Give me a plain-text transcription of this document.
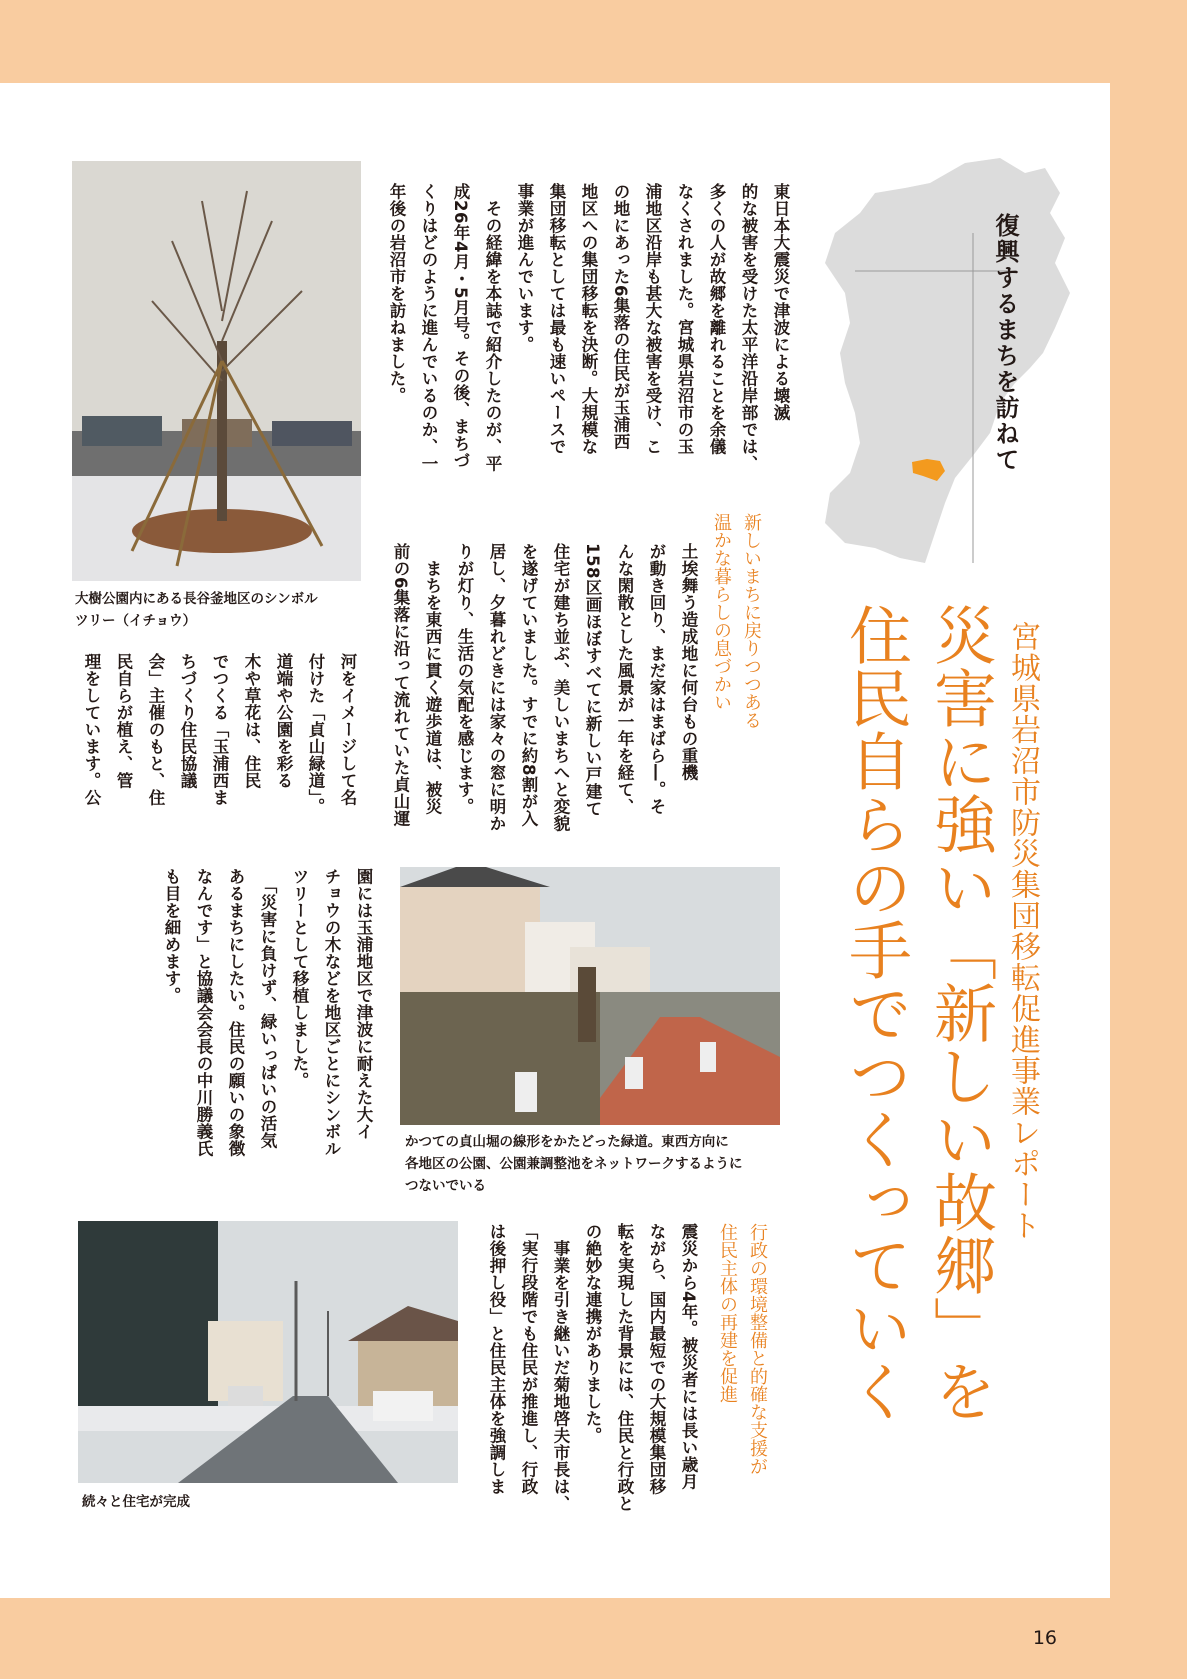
復興するまちを訪ねて
宮城県岩沼市防災集団移転促進事業レポート
災害に強い「新しい故郷」を
住民自らの手でつくっていく
東日本大震災で津波による壊滅
的な被害を受けた太平洋沿岸部では、
多くの人が故郷を離れることを余儀
なくされました。宮城県岩沼市の玉
浦地区沿岸も甚大な被害を受け、こ
の地にあった6集落の住民が玉浦西
地区への集団移転を決断。大規模な
集団移転としては最も速いペースで
事業が進んでいます。
　その経緯を本誌で紹介したのが、平
成26年4月・5月号。その後、まちづ
くりはどのように進んでいるのか、一
年後の岩沼市を訪ねました。
新しいまちに戻りつつある
温かな暮らしの息づかい
土埃舞う造成地に何台もの重機
が動き回り、まだ家はまばら―。そ
んな閑散とした風景が一年を経て、
158区画ほぼすべてに新しい戸建て
住宅が建ち並ぶ、美しいまちへと変貌
を遂げていました。すでに約8割が入
居し、夕暮れどきには家々の窓に明か
りが灯り、生活の気配を感じます。
　まちを東西に貫く遊歩道は、被災
前の6集落に沿って流れていた貞山運
河をイメージして名
付けた「貞山緑道」。
道端や公園を彩る
木や草花は、住民
でつくる「玉浦西ま
ちづくり住民協議
会」主催のもと、住
民自らが植え、管
理をしています。公
園には玉浦地区で津波に耐えた大イ
チョウの木などを地区ごとにシンボル
ツリーとして移植しました。
　「災害に負けず、緑いっぱいの活気
あるまちにしたい。住民の願いの象徴
なんです」と協議会会長の中川勝義氏
も目を細めます。
行政の環境整備と的確な支援が
住民主体の再建を促進
震災から4年。被災者には長い歳月
ながら、国内最短での大規模集団移
転を実現した背景には、住民と行政と
の絶妙な連携がありました。
　事業を引き継いだ菊地啓夫市長は、
「実行段階でも住民が推進し、行政
は後押し役」と住民主体を強調しま
大樹公園内にある長谷釜地区のシンボル
ツリー（イチョウ）
かつての貞山堀の線形をかたどった緑道。東西方向に
各地区の公園、公園兼調整池をネットワークするように
つないでいる
続々と住宅が完成
16
